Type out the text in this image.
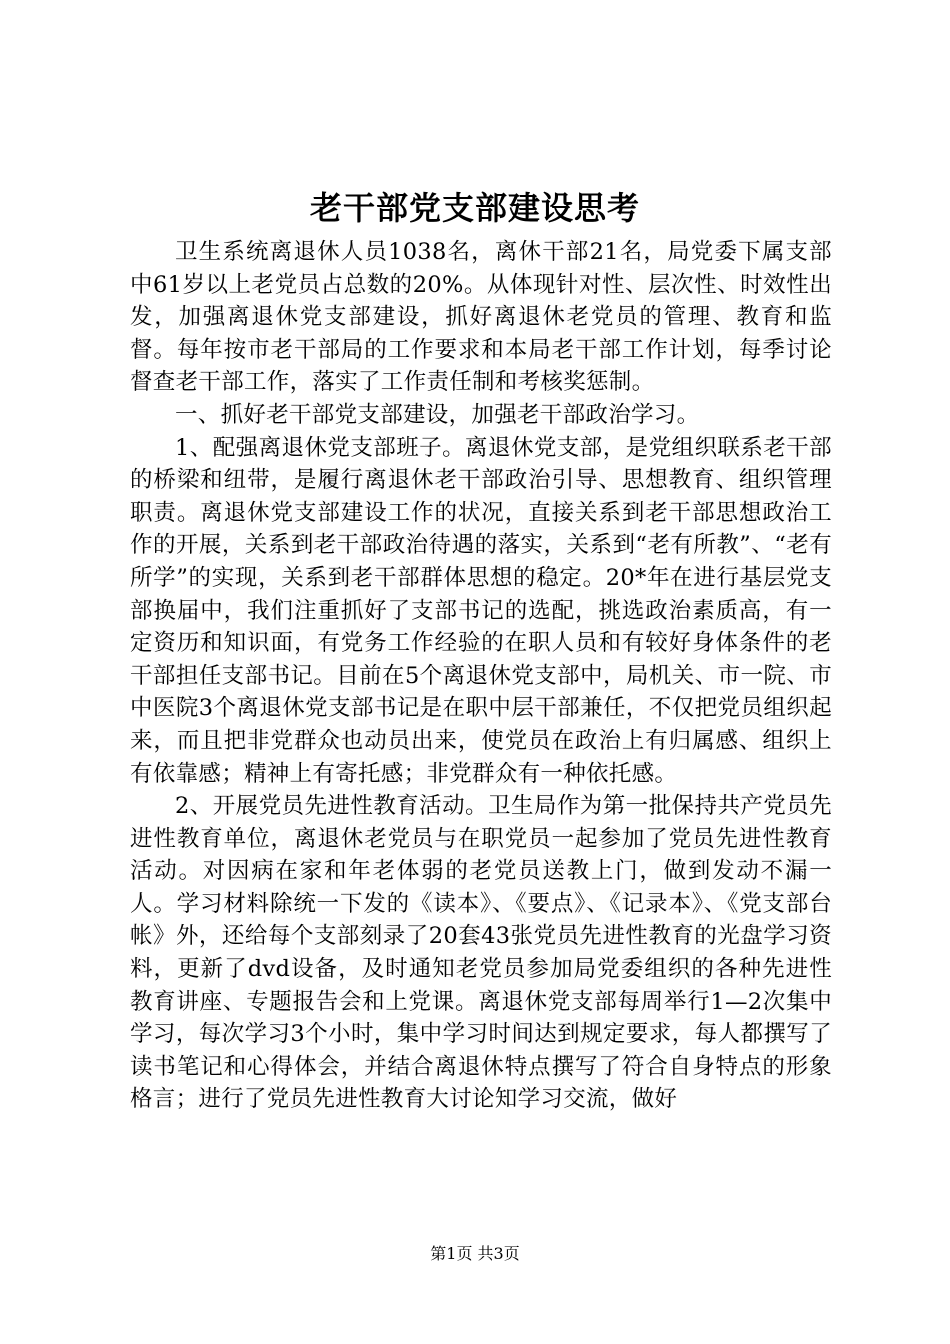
老干部党支部建设思考

卫生系统离退休人员1038名，离休干部21名，局党委下属支部中61岁以上老党员占总数的20%。从体现针对性、层次性、时效性出发，加强离退休党支部建设，抓好离退休老党员的管理、教育和监督。每年按市老干部局的工作要求和本局老干部工作计划，每季讨论督查老干部工作，落实了工作责任制和考核奖惩制。

一、抓好老干部党支部建设，加强老干部政治学习。

1、配强离退休党支部班子。离退休党支部，是党组织联系老干部的桥梁和纽带，是履行离退休老干部政治引导、思想教育、组织管理职责。离退休党支部建设工作的状况，直接关系到老干部思想政治工作的开展，关系到老干部政治待遇的落实，关系到“老有所教”、“老有所学”的实现，关系到老干部群体思想的稳定。20*年在进行基层党支部换届中，我们注重抓好了支部书记的选配，挑选政治素质高，有一定资历和知识面，有党务工作经验的在职人员和有较好身体条件的老干部担任支部书记。目前在5个离退休党支部中，局机关、市一院、市中医院3个离退休党支部书记是在职中层干部兼任，不仅把党员组织起来，而且把非党群众也动员出来，使党员在政治上有归属感、组织上有依靠感；精神上有寄托感；非党群众有一种依托感。

2、开展党员先进性教育活动。卫生局作为第一批保持共产党员先进性教育单位，离退休老党员与在职党员一起参加了党员先进性教育活动。对因病在家和年老体弱的老党员送教上门，做到发动不漏一人。学习材料除统一下发的《读本》、《要点》、《记录本》、《党支部台帐》外，还给每个支部刻录了20套43张党员先进性教育的光盘学习资料，更新了dvd设备，及时通知老党员参加局党委组织的各种先进性教育讲座、专题报告会和上党课。离退休党支部每周举行1—2次集中学习，每次学习3个小时，集中学习时间达到规定要求，每人都撰写了读书笔记和心得体会，并结合离退休特点撰写了符合自身特点的形象格言；进行了党员先进性教育大讨论知学习交流，做好

第1页 共3页
